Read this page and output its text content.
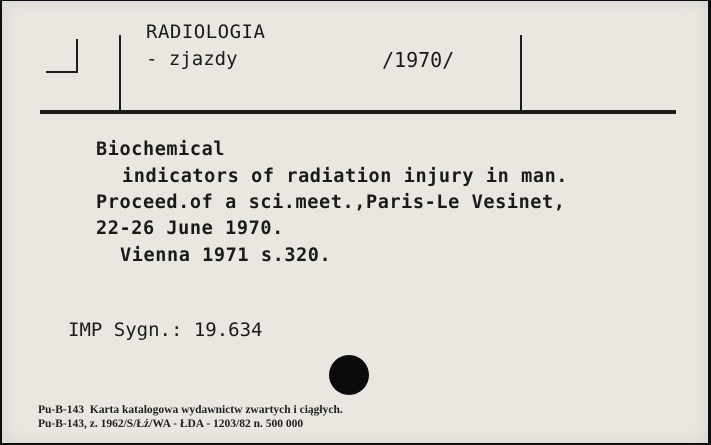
RADIOLOGIA
- zjazdy	/1970/
Biochemical
indicators of radiation injury in man.
Proceed.of a sci.meet.,Paris-Le Vesinet,
22-26 June 1970.
Vienna 1971 s.320.
IMP Sygn.: 19.634
Pu-B-143  Karta katalogowa wydawnictw zwartych i ciągłych.
Pu-B-143, z. 1962/S/Łź/WA - ŁDA - 1203/82 n. 500 000
